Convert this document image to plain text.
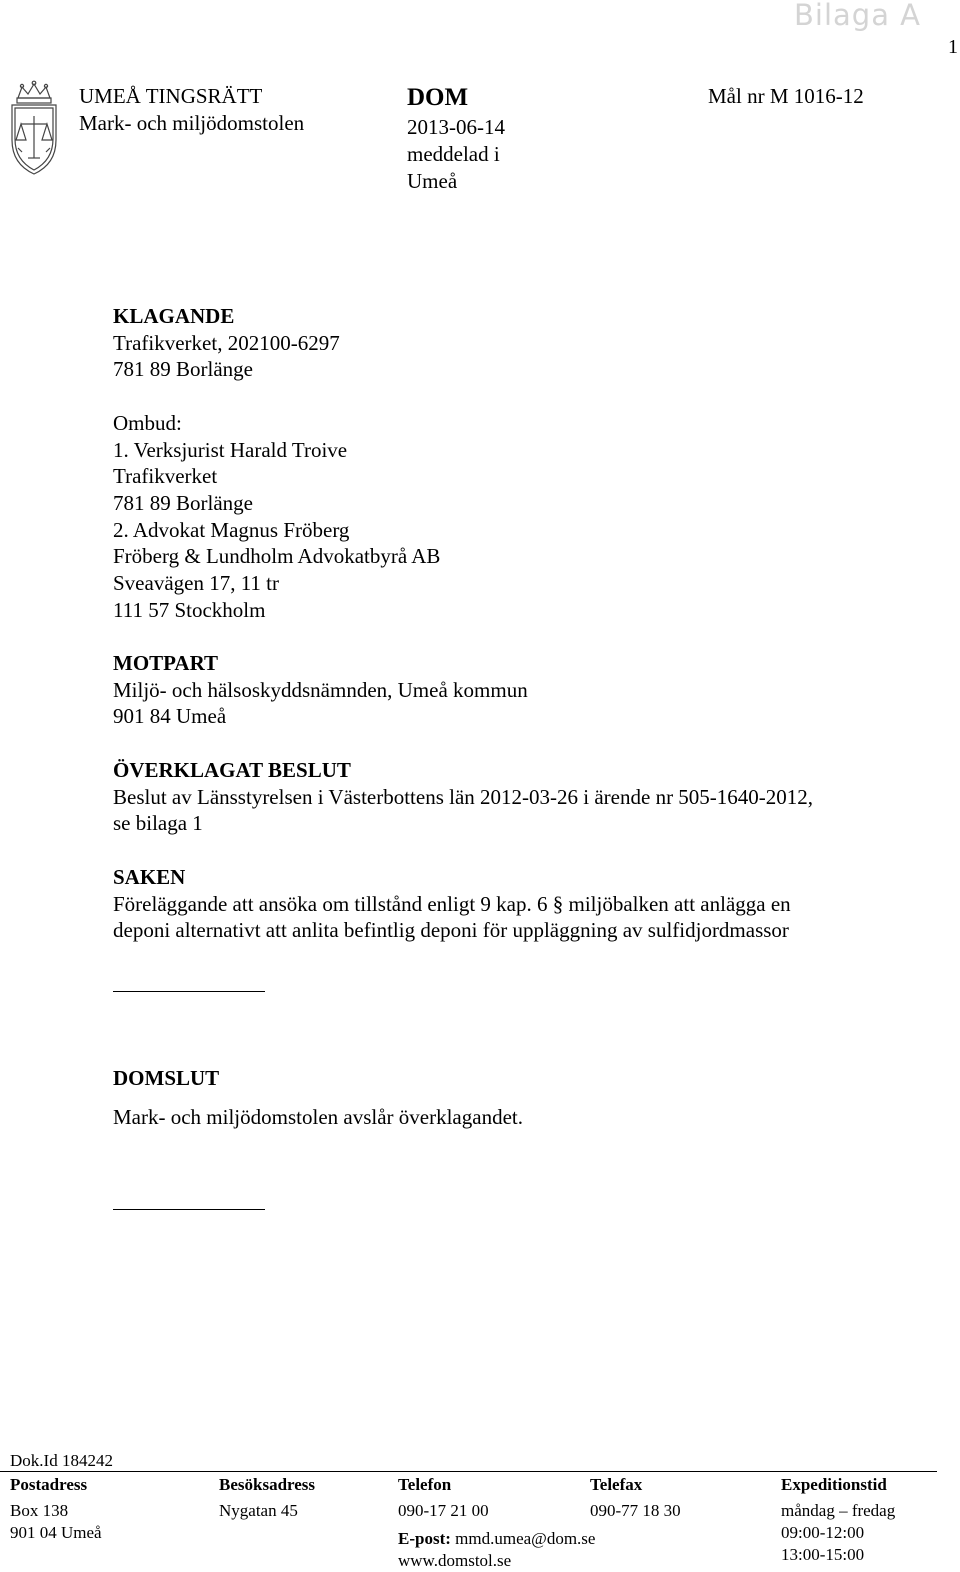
Bilaga A
1
UMEÅ TINGSRÄTT
Mark- och miljödomstolen
DOM
2013-06-14
meddelad i
Umeå
Mål nr M 1016-12
KLAGANDE
Trafikverket, 202100-6297
781 89 Borlänge
Ombud:
1. Verksjurist Harald Troive
Trafikverket
781 89 Borlänge
2. Advokat Magnus Fröberg
Fröberg & Lundholm Advokatbyrå AB
Sveavägen 17, 11 tr
111 57 Stockholm
MOTPART
Miljö- och hälsoskyddsnämnden, Umeå kommun
901 84 Umeå
ÖVERKLAGAT BESLUT
Beslut av Länsstyrelsen i Västerbottens län 2012-03-26 i ärende nr 505-1640-2012,
se bilaga 1
SAKEN
Föreläggande att ansöka om tillstånd enligt 9 kap. 6 § miljöbalken att anlägga en
deponi alternativt att anlita befintlig deponi för uppläggning av sulfidjordmassor
DOMSLUT
Mark- och miljödomstolen avslår överklagandet.
Dok.Id 184242
Postadress
Box 138
901 04 Umeå
Besöksadress
Nygatan 45
Telefon
090-17 21 00
E-post: mmd.umea@dom.se
www.domstol.se
Telefax
090-77 18 30
Expeditionstid
måndag – fredag
09:00-12:00
13:00-15:00
